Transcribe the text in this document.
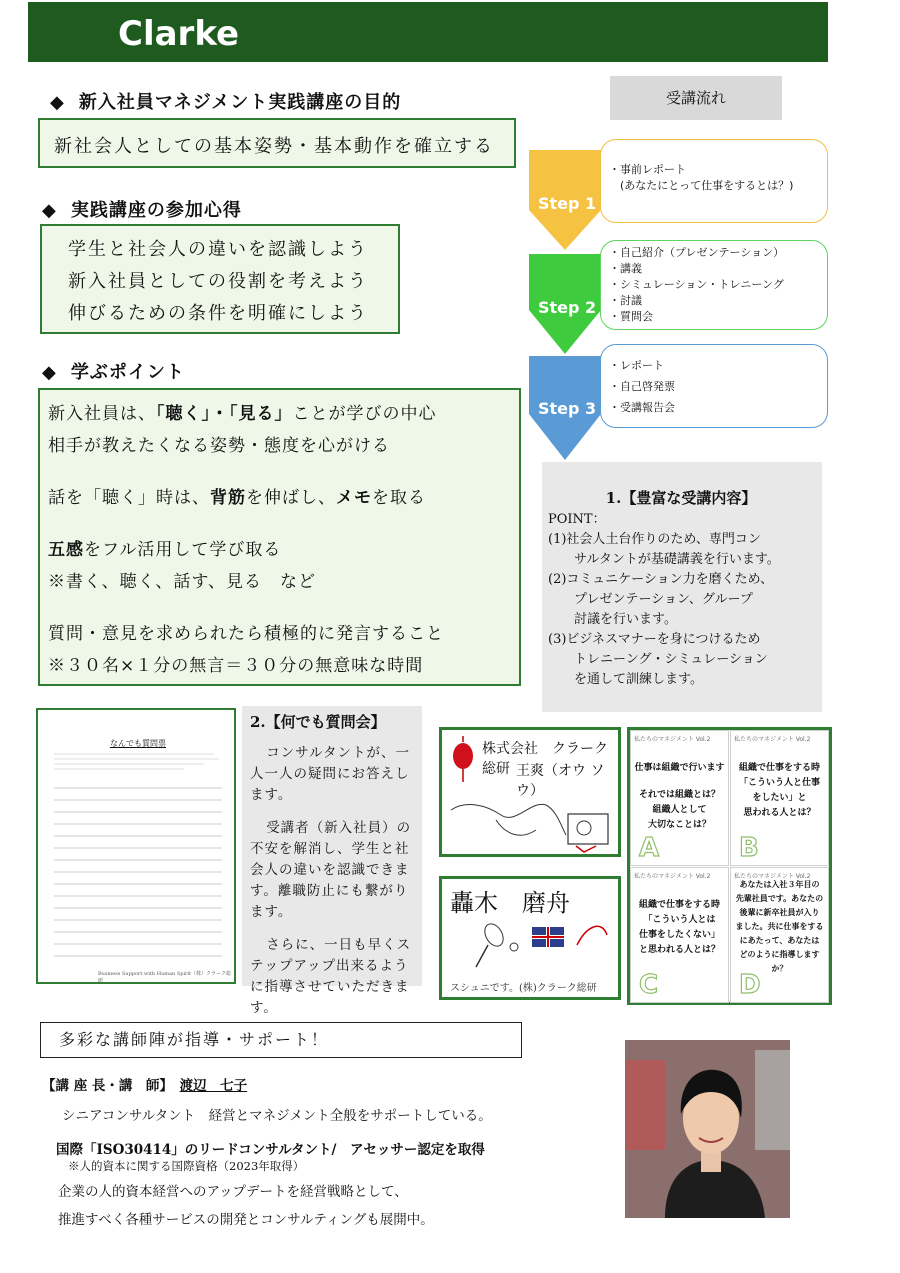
Clarke
◆ 新入社員マネジメント実践講座の目的
新社会人としての基本姿勢・基本動作を確立する
◆ 実践講座の参加心得
学生と社会人の違いを認識しよう
新入社員としての役割を考えよう
伸びるための条件を明確にしよう
◆ 学ぶポイント
新入社員は、「聴く」・「見る」ことが学びの中心
相手が教えたくなる姿勢・態度を心がける
話を「聴く」時は、背筋を伸ばし、メモを取る
五感をフル活用して学び取る
※書く、聴く、話す、見る　など
質問・意見を求められたら積極的に発言すること
※３０名×１分の無言＝３０分の無意味な時間
受講流れ
Step 1
Step 2
Step 3
・事前レポート
　(あなたにとって仕事をするとは？)
・自己紹介（プレゼンテーション）
・講義
・シミュレーション・トレニーング
・討議
・質問会
・レポート
・自己啓発票
・受講報告会
1.【豊富な受講内容】
POINT：
(1)社会人土台作りのため、専門コン
　　サルタントが基礎講義を行います。
(2)コミュニケーション力を磨くため、
　　プレゼンテーション、グループ
　　討議を行います。
(3)ビジネスマナーを身につけるため
　　トレニーング・シミュレーション
　　を通して訓練します。
なんでも質問票
Business Support with Human Spirit（株）クラーク総研
2.【何でも質問会】

コンサルタントが、一人一人の疑問にお答えします。

受講者（新入社員）の不安を解消し、学生と社会人の違いを認識できます。離職防止にも繋がります。

さらに、一日も早くステップアップ出来るように指導させていただきます。

株式会社　クラーク総研 王爽（オウ ソウ）
轟木　磨舟
スシュニです。(株)クラーク総研
私たちのマネジメント Vol.2
仕事は組織で行います
それでは組織とは？
組織人として
大切なことは？
A
私たちのマネジメント Vol.2
組織で仕事をする時
「こういう人と仕事
をしたい」と
思われる人とは？
B
私たちのマネジメント Vol.2
組織で仕事をする時
「こういう人とは
仕事をしたくない」
と思われる人とは？
C
私たちのマネジメント Vol.2
あなたは入社３年目の
先輩社員です。あなたの
後輩に新卒社員が入り
ました。共に仕事をする
にあたって、あなたは
どのように指導しますか？
D
多彩な講師陣が指導・サポート！
【講 座 長・講　師】　 渡辺　七子
シニアコンサルタント　経営とマネジメント全般をサポートしている。
国際「ISO30414」のリードコンサルタント/　アセッサー認定を取得
※人的資本に関する国際資格（2023年取得）
企業の人的資本経営へのアップデートを経営戦略として、
推進すべく各種サービスの開発とコンサルティングも展開中。
